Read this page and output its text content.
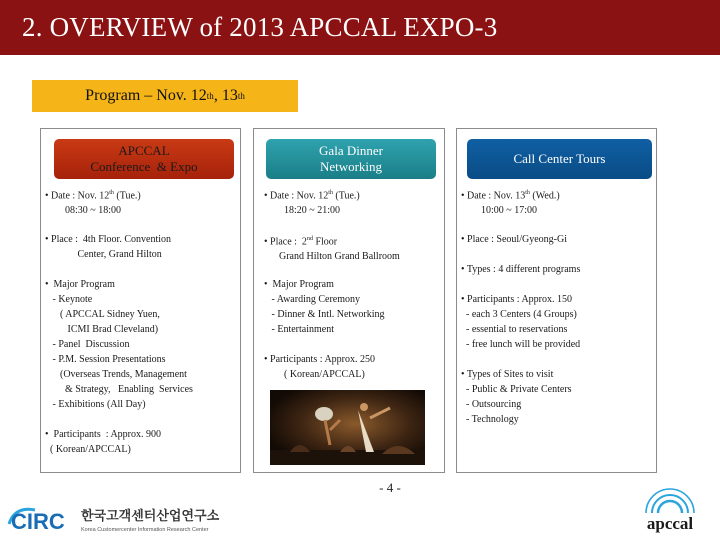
2. OVERVIEW of 2013 APCCAL EXPO-3
Program – Nov. 12 th , 13 th
APCCAL
Conference  & Expo
• Date : Nov. 12th (Tue.)
08:30 ~ 18:00
• Place :  4th Floor. Convention
Center, Grand Hilton
•  Major Program
- Keynote
( APCCAL Sidney Yuen,
ICMI Brad Cleveland)
- Panel  Discussion
- P.M. Session Presentations
(Overseas Trends, Management
& Strategy,   Enabling  Services
- Exhibitions (All Day)
•  Participants  : Approx. 900
( Korean/APCCAL)
Gala Dinner
Networking
• Date : Nov. 12th (Tue.)
18:20 ~ 21:00
• Place :  2nd Floor
Grand Hilton Grand Ballroom
•  Major Program
- Awarding Ceremony
- Dinner & Intl. Networking
- Entertainment
• Participants : Approx. 250
( Korean/APCCAL)
Call Center Tours
• Date : Nov. 13th (Wed.)
10:00 ~ 17:00
• Place : Seoul/Gyeong-Gi
• Types : 4 different programs
• Participants : Approx. 150
- each 3 Centers (4 Groups)
- essential to reservations
- free lunch will be provided
• Types of Sites to visit
- Public & Private Centers
- Outsourcing
- Technology
- 4 -
CIRC 한국고객센터산업연구소
Korea Customercenter Information Research Center	apccal
